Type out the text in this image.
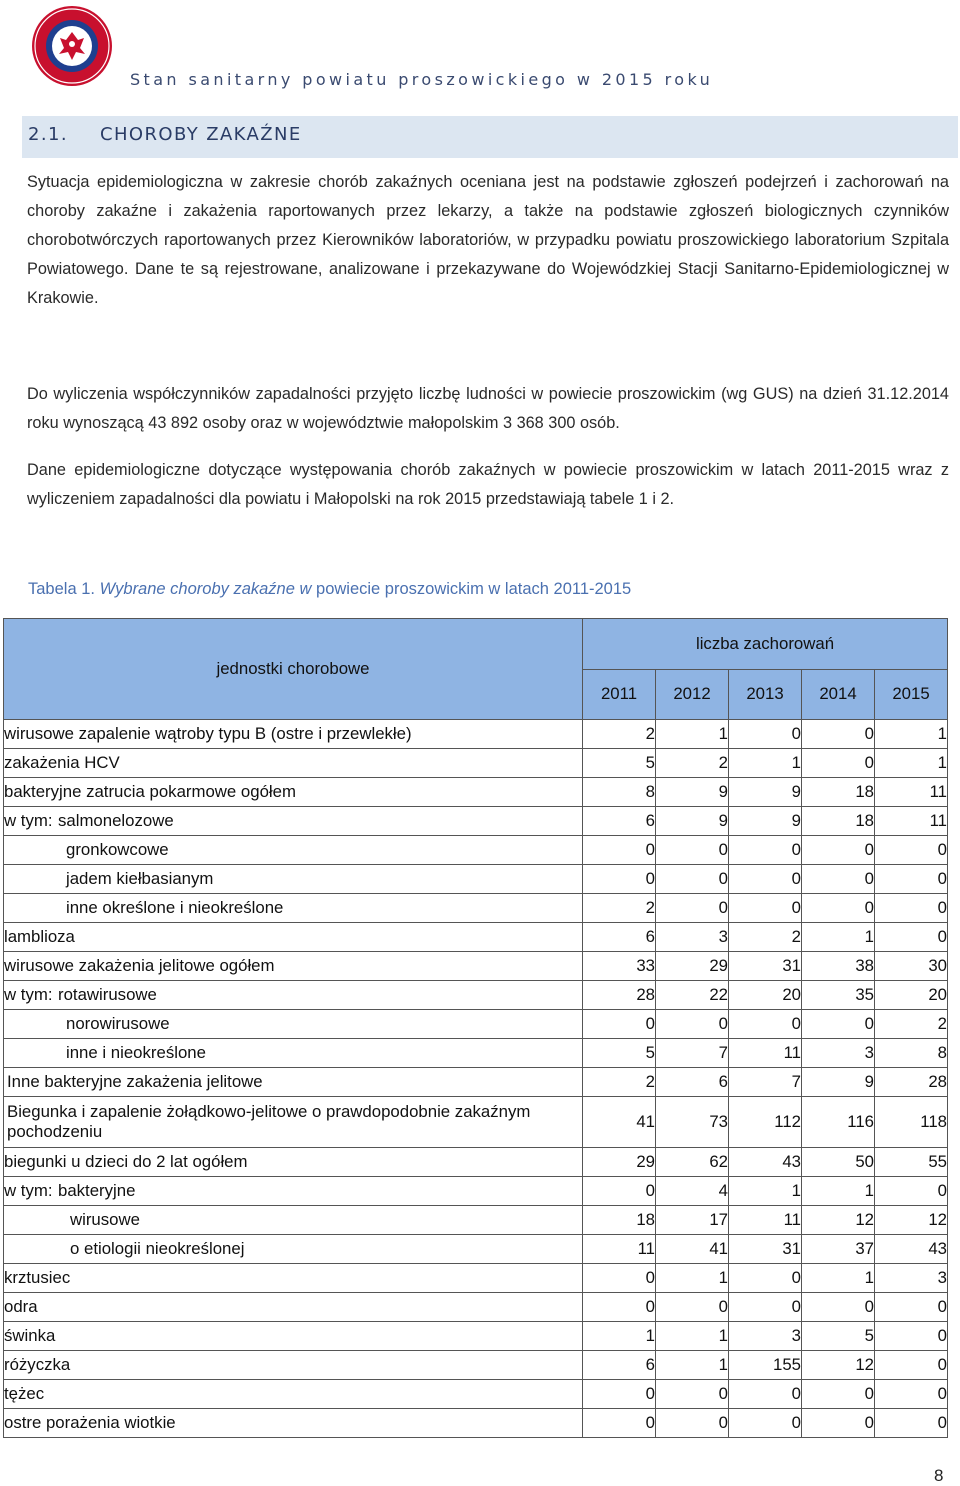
Stan sanitarny powiatu proszowickiego w 2015 roku
2.1. CHOROBY ZAKAŹNE
Sytuacja epidemiologiczna w zakresie chorób zakaźnych oceniana jest na podstawie zgłoszeń podejrzeń i zachorowań na choroby zakaźne i zakażenia raportowanych przez lekarzy, a także na podstawie zgłoszeń biologicznych czynników chorobotwórczych raportowanych przez Kierowników laboratoriów, w przypadku powiatu proszowickiego laboratorium Szpitala Powiatowego. Dane te są rejestrowane, analizowane i przekazywane do Wojewódzkiej Stacji Sanitarno-Epidemiologicznej w Krakowie.
Do wyliczenia współczynników zapadalności przyjęto liczbę ludności w powiecie proszowickim (wg GUS) na dzień 31.12.2014 roku wynoszącą 43 892 osoby oraz w województwie małopolskim 3 368 300 osób.
Dane epidemiologiczne dotyczące występowania chorób zakaźnych w powiecie proszowickim w latach 2011-2015 wraz z wyliczeniem zapadalności dla powiatu i Małopolski na rok 2015 przedstawiają tabele 1 i 2.
Tabela 1. Wybrane choroby zakaźne w powiecie proszowickim w latach 2011-2015
jednostki chorobowe	liczba zachorowań				
	2011	2012	2013	2014	2015
wirusowe zapalenie wątroby typu B (ostre i przewlekłe)	2	1	0	0	1
zakażenia HCV	5	2	1	0	1
bakteryjne zatrucia pokarmowe ogółem	8	9	9	18	11
w tym: salmonelozowe	6	9	9	18	11
gronkowcowe	0	0	0	0	0
jadem kiełbasianym	0	0	0	0	0
inne określone i nieokreślone	2	0	0	0	0
lamblioza	6	3	2	1	0
wirusowe zakażenia jelitowe ogółem	33	29	31	38	30
w tym: rotawirusowe	28	22	20	35	20
norowirusowe	0	0	0	0	2
inne i nieokreślone	5	7	11	3	8
Inne bakteryjne zakażenia jelitowe	2	6	7	9	28
Biegunka i zapalenie żołądkowo-jelitowe o prawdopodobnie zakaźnym pochodzeniu	41	73	112	116	118
biegunki u dzieci do 2 lat ogółem	29	62	43	50	55
w tym: bakteryjne	0	4	1	1	0
wirusowe	18	17	11	12	12
o etiologii nieokreślonej	11	41	31	37	43
krztusiec	0	1	0	1	3
odra	0	0	0	0	0
świnka	1	1	3	5	0
różyczka	6	1	155	12	0
tężec	0	0	0	0	0
ostre porażenia wiotkie	0	0	0	0	0
8
